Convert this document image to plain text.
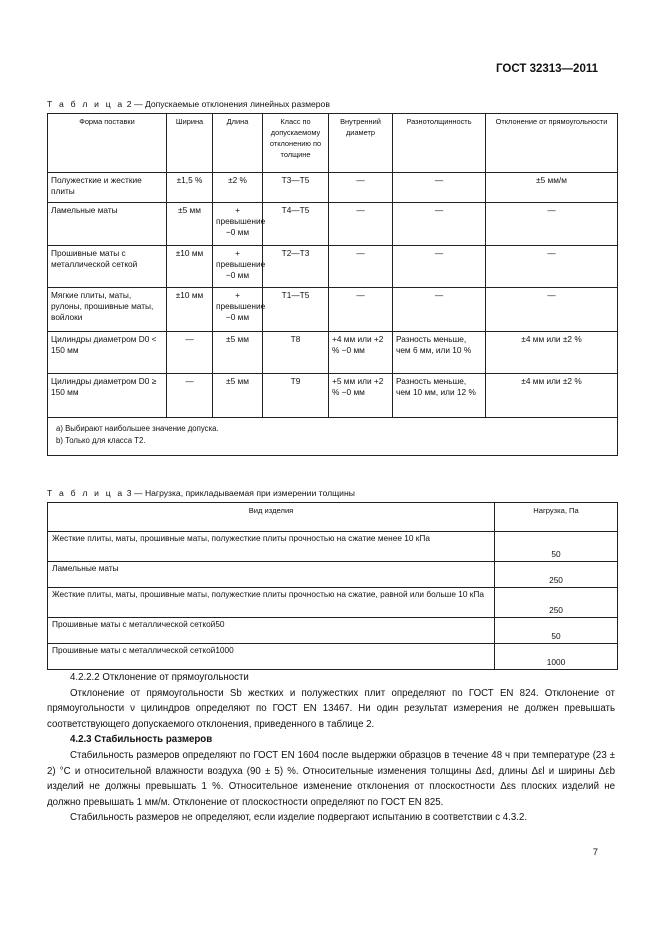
ГОСТ 32313—2011
Т а б л и ц а 2 — Допускаемые отклонения линейных размеров
Форма поставки	Ширина	Длина	Класс по допускаемому отклонению по толщине	Внутренний диаметр	Разнотолщинность	Отклонение от прямоугольности
Полужесткие и жесткие плиты	±1,5 %	±2 %	Т3—Т5	—	—	±5 мм/м
Ламельные маты	±5 мм	+ превышение −0 мм	Т4—Т5	—	—	—
Прошивные маты с металлической сеткой	±10 мм	+ превышение −0 мм	Т2—Т3	—	—	—
Мягкие плиты, маты, рулоны, прошивные маты, войлоки	±10 мм	+ превышение −0 мм	Т1—Т5	—	—	—
Цилиндры диаметром D0 < 150 мм	—	±5 мм	Т8	+4 мм или +2 % −0 мм	Разность меньше, чем 6 мм, или 10 %	±4 мм или ±2 %
Цилиндры диаметром D0 ≥ 150 мм	—	±5 мм	Т9	+5 мм или +2 % −0 мм	Разность меньше, чем 10 мм, или 12 %	±4 мм или ±2 %

a) Выбирают наибольшее значение допуска.
b) Только для класса Т2.						
Т а б л и ц а 3 — Нагрузка, прикладываемая при измерении толщины
Вид изделия	Нагрузка, Па
Жесткие плиты, маты, прошивные маты, полужесткие плиты прочностью на сжатие менее 10 кПа	50
Ламельные маты	250
Жесткие плиты, маты, прошивные маты, полужесткие плиты прочностью на сжатие, равной или больше 10 кПа	250
Прошивные маты с металлической сеткой50	50
Прошивные маты с металлической сеткой1000	1000

4.2.2.2 Отклонение от прямоугольности

Отклонение от прямоугольности Sb жестких и полужестких плит определяют по ГОСТ EN 824. Отклонение от прямоугольности ν цилиндров определяют по ГОСТ EN 13467. Ни один результат измерения не должен превышать соответствующего допускаемого отклонения, приведенного в таблице 2.

4.2.3 Стабильность размеров

Стабильность размеров определяют по ГОСТ EN 1604 после выдержки образцов в течение 48 ч при температуре (23 ± 2) °С и относительной влажности воздуха (90 ± 5) %. Относительные изменения толщины Δεd, длины Δεl и ширины Δεb изделий не должны превышать 1 %. Относительное изменение отклонения от плоскостности Δεs плоских изделий не должно превышать 1 мм/м. Отклонение от плоскостности определяют по ГОСТ EN 825.

Стабильность размеров не определяют, если изделие подвергают испытанию в соответствии с 4.3.2.

7
